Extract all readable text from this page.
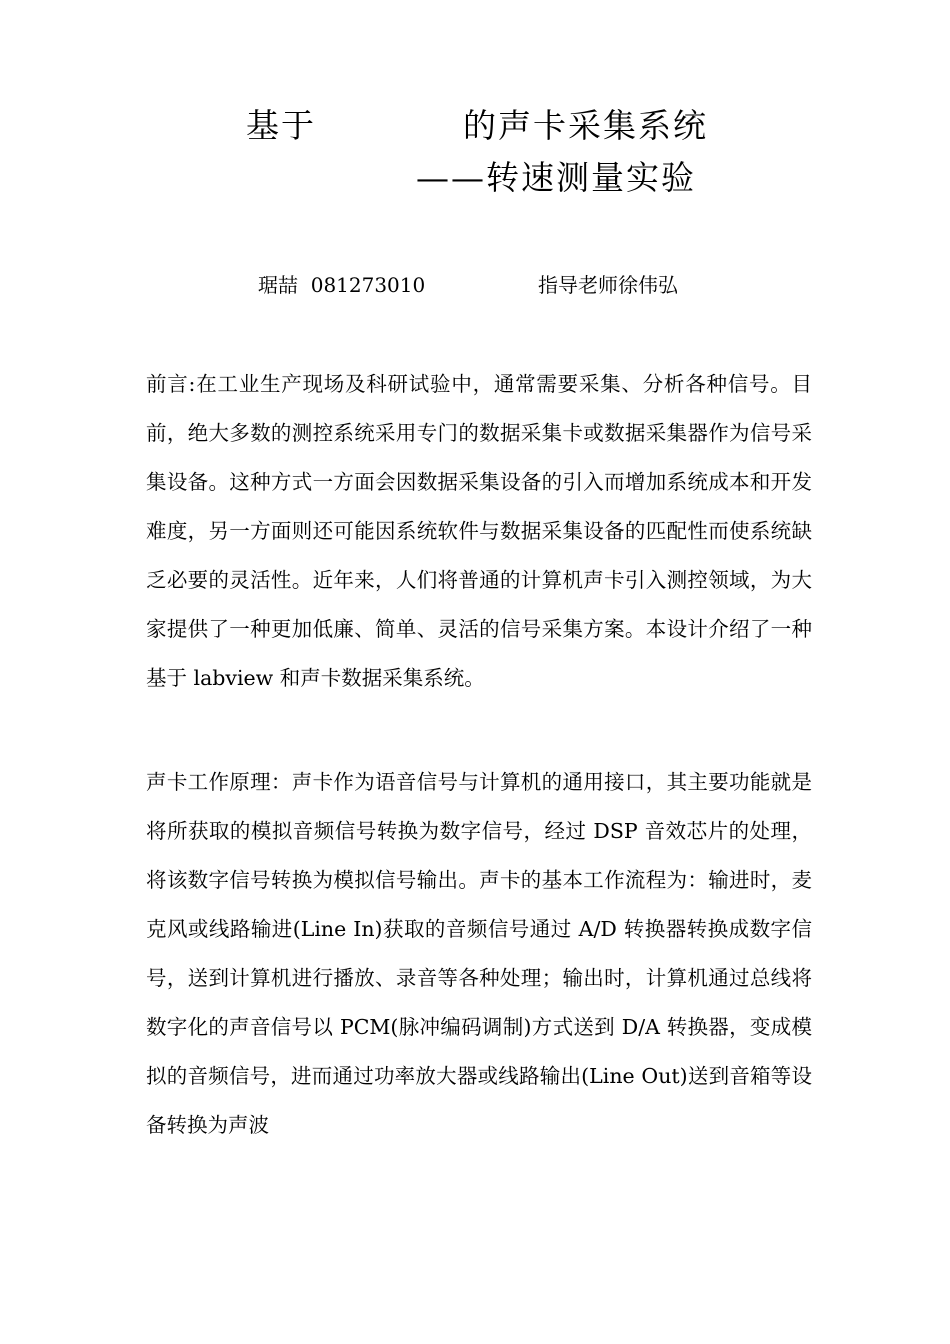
基于	的声卡采集系统
——转速测量实验
琚喆  081273010	指导老师徐伟弘

前言:在工业生产现场及科研试验中，通常需要采集、分析各种信号。目前，绝大多数的测控系统采用专门的数据采集卡或数据采集器作为信号采集设备。这种方式一方面会因数据采集设备的引入而增加系统成本和开发难度，另一方面则还可能因系统软件与数据采集设备的匹配性而使系统缺乏必要的灵活性。近年来，人们将普通的计算机声卡引入测控领域，为大家提供了一种更加低廉、简单、灵活的信号采集方案。本设计介绍了一种基于 labview 和声卡数据采集系统。

声卡工作原理：声卡作为语音信号与计算机的通用接口，其主要功能就是将所获取的模拟音频信号转换为数字信号，经过 DSP 音效芯片的处理，将该数字信号转换为模拟信号输出。声卡的基本工作流程为：输进时，麦克风或线路输进(Line In)获取的音频信号通过 A/D 转换器转换成数字信号，送到计算机进行播放、录音等各种处理；输出时，计算机通过总线将数字化的声音信号以 PCM(脉冲编码调制)方式送到 D/A 转换器，变成模拟的音频信号，进而通过功率放大器或线路输出(Line Out)送到音箱等设备转换为声波
